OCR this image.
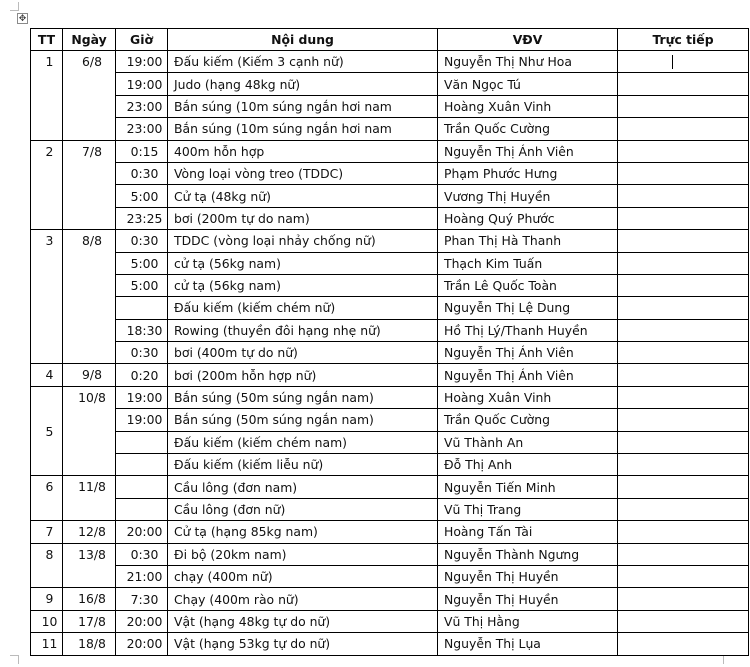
✥
TT	Ngày	Giờ	Nội dung	VĐV	Trực tiếp

1	6/8	19:00	Đấu kiếm (Kiếm 3 cạnh nữ)	Nguyễn Thị Như Hoa	
		19:00	Judo (hạng 48kg nữ)	Văn Ngọc Tú	
		23:00	Bắn súng (10m súng ngắn hơi nam	Hoàng Xuân Vinh	
		23:00	Bắn súng (10m súng ngắn hơi nam	Trần Quốc Cường	

2	7/8	0:15	400m hỗn hợp	Nguyễn Thị Ánh Viên	
		0:30	Vòng loại vòng treo (TDDC)	Phạm Phước Hưng	
		5:00	Cử tạ (48kg nữ)	Vương Thị Huyền	
		23:25	bơi (200m tự do nam)	Hoàng Quý Phước	

3	8/8	0:30	TDDC (vòng loại nhảy chống nữ)	Phan Thị Hà Thanh	
		5:00	cử tạ (56kg nam)	Thạch Kim Tuấn	
		5:00	cử tạ (56kg nam)	Trần Lê Quốc Toàn	
			Đấu kiếm (kiếm chém nữ)	Nguyễn Thị Lệ Dung	
		18:30	Rowing (thuyền đôi hạng nhẹ nữ)	Hồ Thị Lý/Thanh Huyền	
		0:30	bơi (400m tự do nữ)	Nguyễn Thị Ánh Viên	

4	9/8	0:20	bơi (200m hỗn hợp nữ)	Nguyễn Thị Ánh Viên	

5	10/8	19:00	Bắn súng (50m súng ngắn nam)	Hoàng Xuân Vinh	
		19:00	Bắn súng (50m súng ngắn nam)	Trần Quốc Cường	
			Đấu kiếm (kiếm chém nam)	Vũ Thành An	
			Đấu kiếm (kiếm liễu nữ)	Đỗ Thị Anh	

6	11/8		Cầu lông (đơn nam)	Nguyễn Tiến Minh	
			Cầu lông (đơn nữ)	Vũ Thị Trang	

7	12/8	20:00	Cử tạ (hạng 85kg nam)	Hoàng Tấn Tài	

8	13/8	0:30	Đi bộ (20km nam)	Nguyễn Thành Ngưng	
		21:00	chạy (400m nữ)	Nguyễn Thị Huyền	

9	16/8	7:30	Chạy (400m rào nữ)	Nguyễn Thị Huyền	

10	17/8	20:00	Vật (hạng 48kg tự do nữ)	Vũ Thị Hằng	

11	18/8	20:00	Vật (hạng 53kg tự do nữ)	Nguyễn Thị Lụa	
